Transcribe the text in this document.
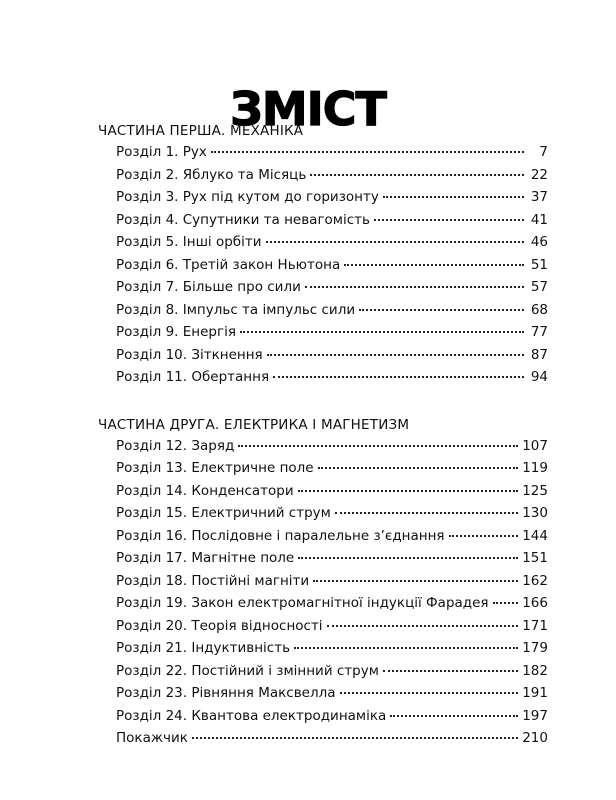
ЗМІСТ
ЧАСТИНА ПЕРША. МЕХАНІКА
Розділ 1. Рух	7
Розділ 2. Яблуко та Місяць	22
Розділ 3. Рух під кутом до горизонту	37
Розділ 4. Супутники та невагомість	41
Розділ 5. Інші орбіти	46
Розділ 6. Третій закон Ньютона	51
Розділ 7. Більше про сили	57
Розділ 8. Імпульс та імпульс сили	68
Розділ 9. Енергія	77
Розділ 10. Зіткнення	87
Розділ 11. Обертання	94
ЧАСТИНА ДРУГА. ЕЛЕКТРИКА І МАГНЕТИЗМ
Розділ 12. Заряд	107
Розділ 13. Електричне поле	119
Розділ 14. Конденсатори	125
Розділ 15. Електричний струм	130
Розділ 16. Послідовне і паралельне з’єднання	144
Розділ 17. Магнітне поле	151
Розділ 18. Постійні магніти	162
Розділ 19. Закон електромагнітної індукції Фарадея 166
Розділ 20. Теорія відносності	171
Розділ 21. Індуктивність	179
Розділ 22. Постійний і змінний струм	182
Розділ 23. Рівняння Максвелла	191
Розділ 24. Квантова електродинаміка	197
Покажчик	210
